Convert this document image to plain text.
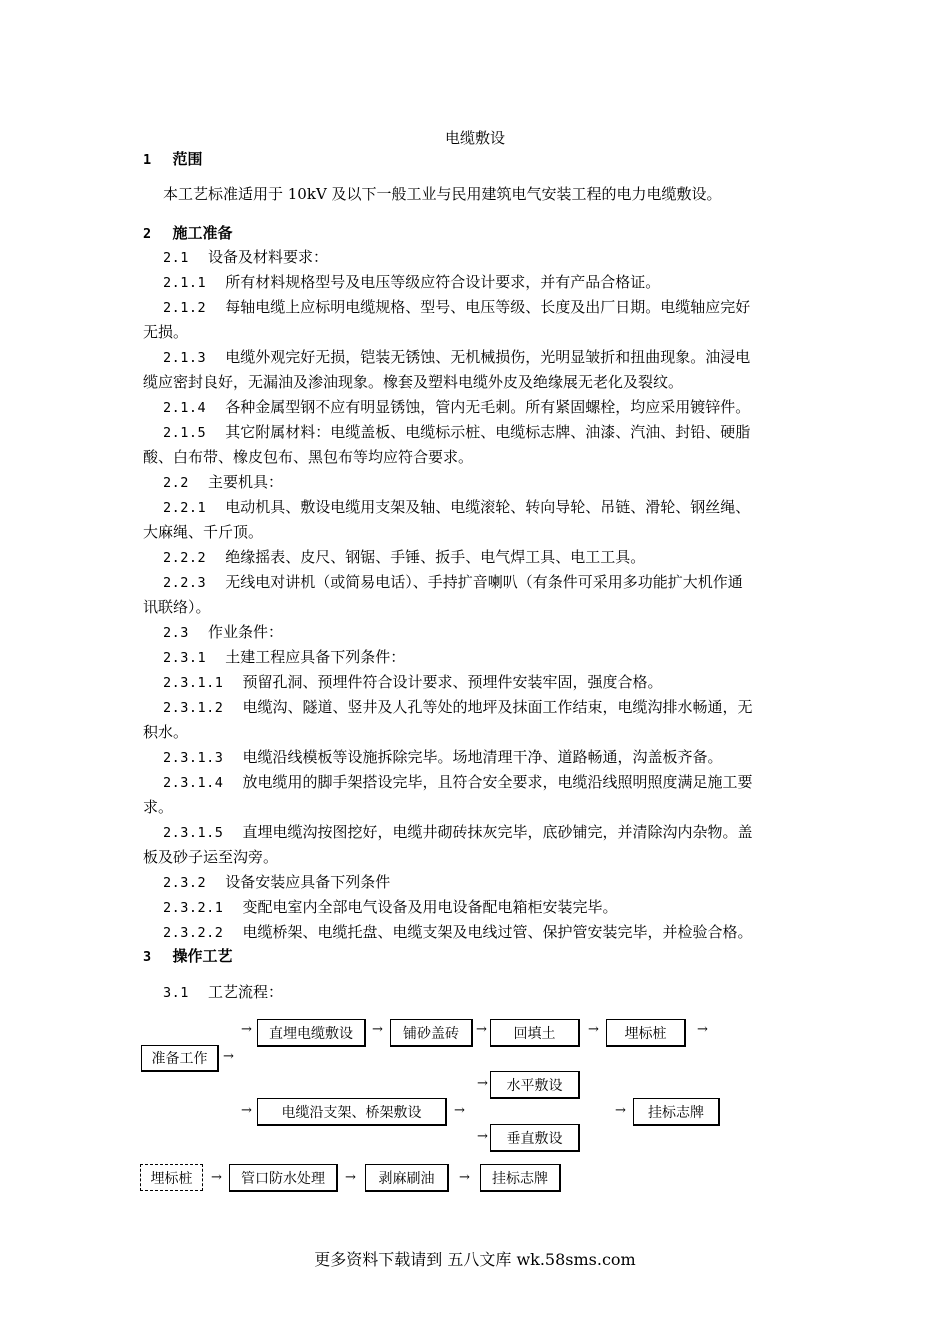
电缆敷设
1 范围
本工艺标准适用于 10kV 及以下一般工业与民用建筑电气安装工程的电力电缆敷设。
2 施工准备
2.1 设备及材料要求：
2.1.1 所有材料规格型号及电压等级应符合设计要求，并有产品合格证。
2.1.2 每轴电缆上应标明电缆规格、型号、电压等级、长度及出厂日期。电缆轴应完好
无损。
2.1.3 电缆外观完好无损，铠装无锈蚀、无机械损伤，光明显皱折和扭曲现象。油浸电
缆应密封良好，无漏油及渗油现象。橡套及塑料电缆外皮及绝缘展无老化及裂纹。
2.1.4 各种金属型钢不应有明显锈蚀，管内无毛刺。所有紧固螺栓，均应采用镀锌件。
2.1.5 其它附属材料：电缆盖板、电缆标示桩、电缆标志牌、油漆、汽油、封铅、硬脂
酸、白布带、橡皮包布、黑包布等均应符合要求。
2.2 主要机具：
2.2.1 电动机具、敷设电缆用支架及轴、电缆滚轮、转向导轮、吊链、滑轮、钢丝绳、
大麻绳、千斤顶。
2.2.2 绝缘摇表、皮尺、钢锯、手锤、扳手、电气焊工具、电工工具。
2.2.3 无线电对讲机（或简易电话）、手持扩音喇叭（有条件可采用多功能扩大机作通
讯联络）。
2.3 作业条件：
2.3.1 土建工程应具备下列条件：
2.3.1.1 预留孔洞、预埋件符合设计要求、预埋件安装牢固，强度合格。
2.3.1.2 电缆沟、隧道、竖井及人孔等处的地坪及抹面工作结束，电缆沟排水畅通，无
积水。
2.3.1.3 电缆沿线模板等设施拆除完毕。场地清理干净、道路畅通，沟盖板齐备。
2.3.1.4 放电缆用的脚手架搭设完毕，且符合安全要求，电缆沿线照明照度满足施工要
求。
2.3.1.5 直埋电缆沟按图挖好，电缆井砌砖抹灰完毕，底砂铺完，并清除沟内杂物。盖
板及砂子运至沟旁。
2.3.2 设备安装应具备下列条件
2.3.2.1 变配电室内全部电气设备及用电设备配电箱柜安装完毕。
2.3.2.2 电缆桥架、电缆托盘、电缆支架及电线过管、保护管安装完毕，并检验合格。
3 操作工艺
3.1 工艺流程：
→	直埋电缆敷设	→	铺砂盖砖	→	回填土	→	埋标桩	→
准备工作	→
→	水平敷设
→	电缆沿支架、桥架敷设	→	→	挂标志牌
→	垂直敷设
埋标桩	→	管口防水处理	→	剥麻刷油	→	挂标志牌
更多资料下载请到 五八文库 wk.58sms.com
